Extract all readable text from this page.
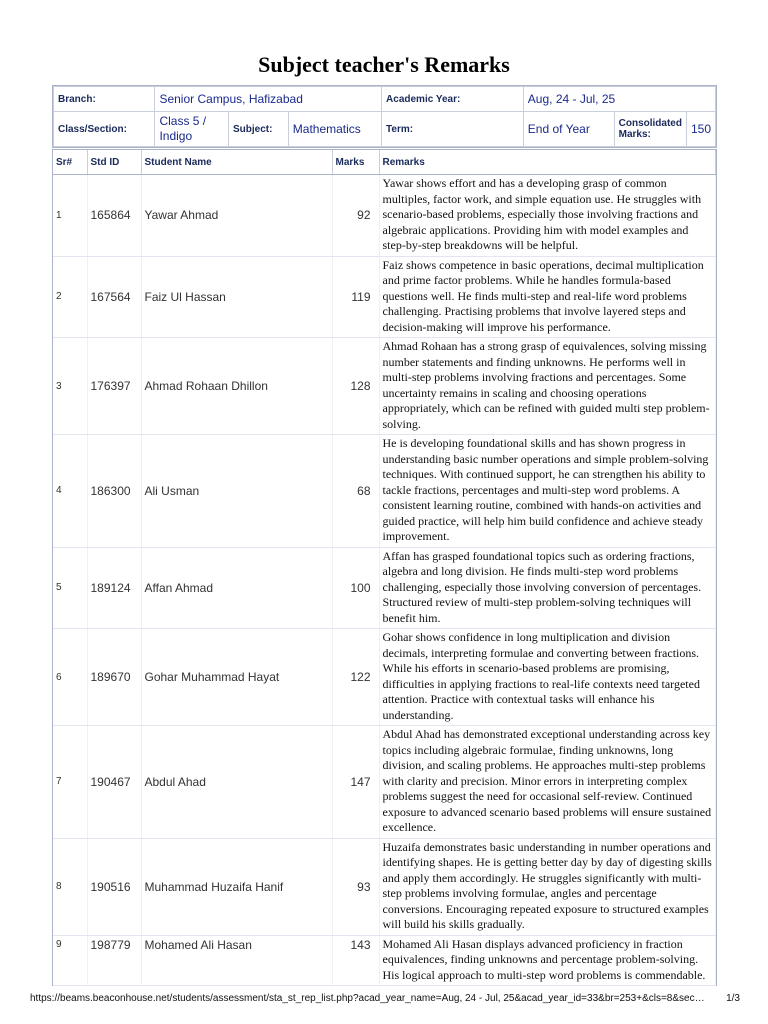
Subject teacher's Remarks
Branch:	Senior Campus, Hafizabad	Academic Year:	Aug, 24 - Jul, 25
Class/Section:	Class 5 / Indigo	Subject:	Mathematics	Term:	End of Year		Consolidated Marks:	150
Sr#	Std ID	Student Name	Marks	Remarks
1	165864	Yawar Ahmad	92	Yawar shows effort and has a developing grasp of common multiples, factor work, and simple equation use. He struggles with scenario-based problems, especially those involving fractions and algebraic applications. Providing him with model examples and step-by-step breakdowns will be helpful.
2	167564	Faiz Ul Hassan	119	Faiz shows competence in basic operations, decimal multiplication and prime factor problems. While he handles formula-based questions well. He finds multi-step and real-life word problems challenging. Practising problems that involve layered steps and decision-making will improve his performance.
3	176397	Ahmad Rohaan Dhillon	128	Ahmad Rohaan has a strong grasp of equivalences, solving missing number statements and finding unknowns. He performs well in multi-step problems involving fractions and percentages. Some uncertainty remains in scaling and choosing operations appropriately, which can be refined with guided multi step problem-solving.
4	186300	Ali Usman	68	He is developing foundational skills and has shown progress in understanding basic number operations and simple problem-solving techniques. With continued support, he can strengthen his ability to tackle fractions, percentages and multi-step word problems. A consistent learning routine, combined with hands-on activities and guided practice, will help him build confidence and achieve steady improvement.
5	189124	Affan Ahmad	100	Affan has grasped foundational topics such as ordering fractions, algebra and long division. He finds multi-step word problems challenging, especially those involving conversion of percentages. Structured review of multi-step problem-solving techniques will benefit him.
6	189670	Gohar Muhammad Hayat	122	Gohar shows confidence in long multiplication and division decimals, interpreting formulae and converting between fractions. While his efforts in scenario-based problems are promising, difficulties in applying fractions to real-life contexts need targeted attention. Practice with contextual tasks will enhance his understanding.
7	190467	Abdul Ahad	147	Abdul Ahad has demonstrated exceptional understanding across key topics including algebraic formulae, finding unknowns, long division, and scaling problems. He approaches multi-step problems with clarity and precision. Minor errors in interpreting complex problems suggest the need for occasional self-review. Continued exposure to advanced scenario based problems will ensure sustained excellence.
8	190516	Muhammad Huzaifa Hanif	93	Huzaifa demonstrates basic understanding in number operations and identifying shapes. He is getting better day by day of digesting skills and apply them accordingly. He struggles significantly with multi-step problems involving formulae, angles and percentage conversions. Encouraging repeated exposure to structured examples will build his skills gradually.
9	198779	Mohamed Ali Hasan	143	Mohamed Ali Hasan displays advanced proficiency in fraction equivalences, finding unknowns and percentage problem-solving. His logical approach to multi-step word problems is commendable.
https://beams.beaconhouse.net/students/assessment/sta_st_rep_list.php?acad_year_name=Aug, 24 - Jul, 25&acad_year_id=33&br=253+&cls=8&sec…	1/3
